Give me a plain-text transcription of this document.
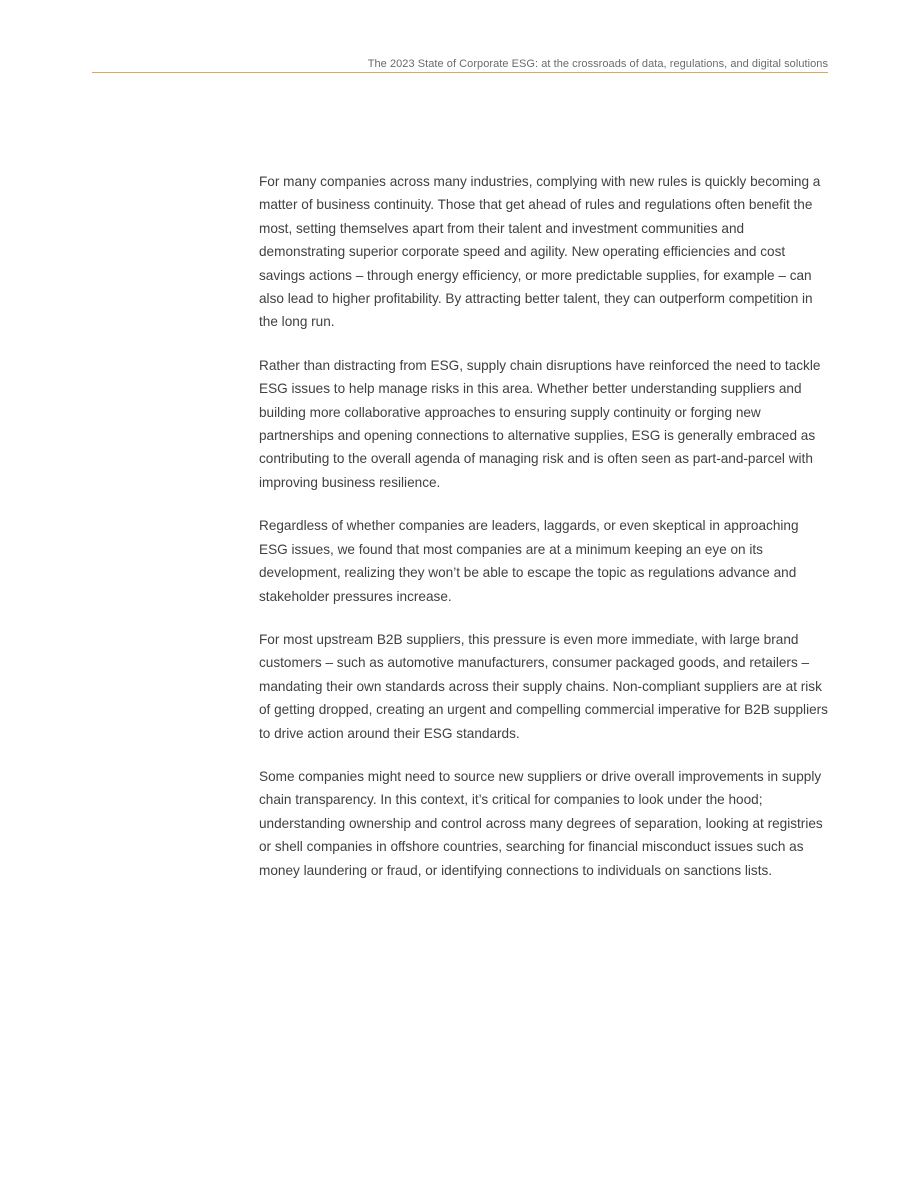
The 2023 State of Corporate ESG: at the crossroads of data, regulations, and digital solutions

For many companies across many industries, complying with new rules is quickly becoming a matter of business continuity. Those that get ahead of rules and regulations often benefit the most, setting themselves apart from their talent and investment communities and demonstrating superior corporate speed and agility. New operating efficiencies and cost savings actions – through energy efficiency, or more predictable supplies, for example – can also lead to higher profitability. By attracting better talent, they can outperform competition in the long run.

Rather than distracting from ESG, supply chain disruptions have reinforced the need to tackle ESG issues to help manage risks in this area. Whether better understanding suppliers and building more collaborative approaches to ensuring supply continuity or forging new partnerships and opening connections to alternative supplies, ESG is generally embraced as contributing to the overall agenda of managing risk and is often seen as part-and-parcel with improving business resilience.

Regardless of whether companies are leaders, laggards, or even skeptical in approaching ESG issues, we found that most companies are at a minimum keeping an eye on its development, realizing they won’t be able to escape the topic as regulations advance and stakeholder pressures increase.

For most upstream B2B suppliers, this pressure is even more immediate, with large brand customers – such as automotive manufacturers, consumer packaged goods, and retailers – mandating their own standards across their supply chains. Non-compliant suppliers are at risk of getting dropped, creating an urgent and compelling commercial imperative for B2B suppliers to drive action around their ESG standards.

Some companies might need to source new suppliers or drive overall improvements in supply chain transparency. In this context, it’s critical for companies to look under the hood; understanding ownership and control across many degrees of separation, looking at registries or shell companies in offshore countries, searching for financial misconduct issues such as money laundering or fraud, or identifying connections to individuals on sanctions lists.
